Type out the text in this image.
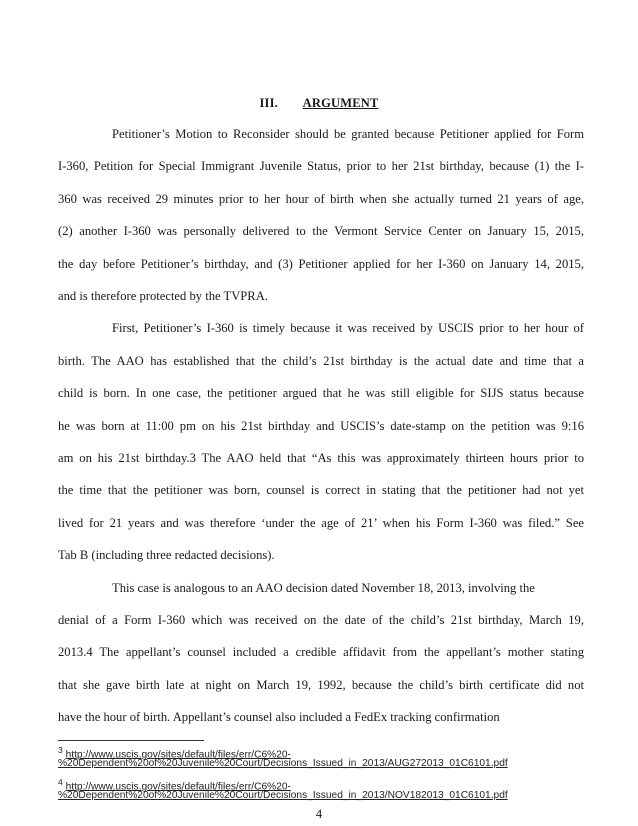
III. ARGUMENT
Petitioner’s Motion to Reconsider should be granted because Petitioner applied for Form
I-360, Petition for Special Immigrant Juvenile Status, prior to her 21st birthday, because (1) the I-
360 was received 29 minutes prior to her hour of birth when she actually turned 21 years of age,
(2) another I-360 was personally delivered to the Vermont Service Center on January 15, 2015,
the day before Petitioner’s birthday, and (3) Petitioner applied for her I-360 on January 14, 2015,
and is therefore protected by the TVPRA.
First, Petitioner’s I-360 is timely because it was received by USCIS prior to her hour of
birth. The AAO has established that the child’s 21st birthday is the actual date and time that a
child is born. In one case, the petitioner argued that he was still eligible for SIJS status because
he was born at 11:00 pm on his 21st birthday and USCIS’s date-stamp on the petition was 9:16
am on his 21st birthday.3 The AAO held that “As this was approximately thirteen hours prior to
the time that the petitioner was born, counsel is correct in stating that the petitioner had not yet
lived for 21 years and was therefore ‘under the age of 21’ when his Form I-360 was filed.” See
Tab B (including three redacted decisions).
This case is analogous to an AAO decision dated November 18, 2013, involving the
denial of a Form I-360 which was received on the date of the child’s 21st birthday, March 19,
2013.4 The appellant’s counsel included a credible affidavit from the appellant’s mother stating
that she gave birth late at night on March 19, 1992, because the child’s birth certificate did not
have the hour of birth. Appellant’s counsel also included a FedEx tracking confirmation
$^3$ http://www.uscis.gov/sites/default/files/err/C6%20-
%20Dependent%20of%20Juvenile%20Court/Decisions_Issued_in_2013/AUG272013_01C6101.pdf
$^4$ http://www.uscis.gov/sites/default/files/err/C6%20-
%20Dependent%20of%20Juvenile%20Court/Decisions_Issued_in_2013/NOV182013_01C6101.pdf
4
